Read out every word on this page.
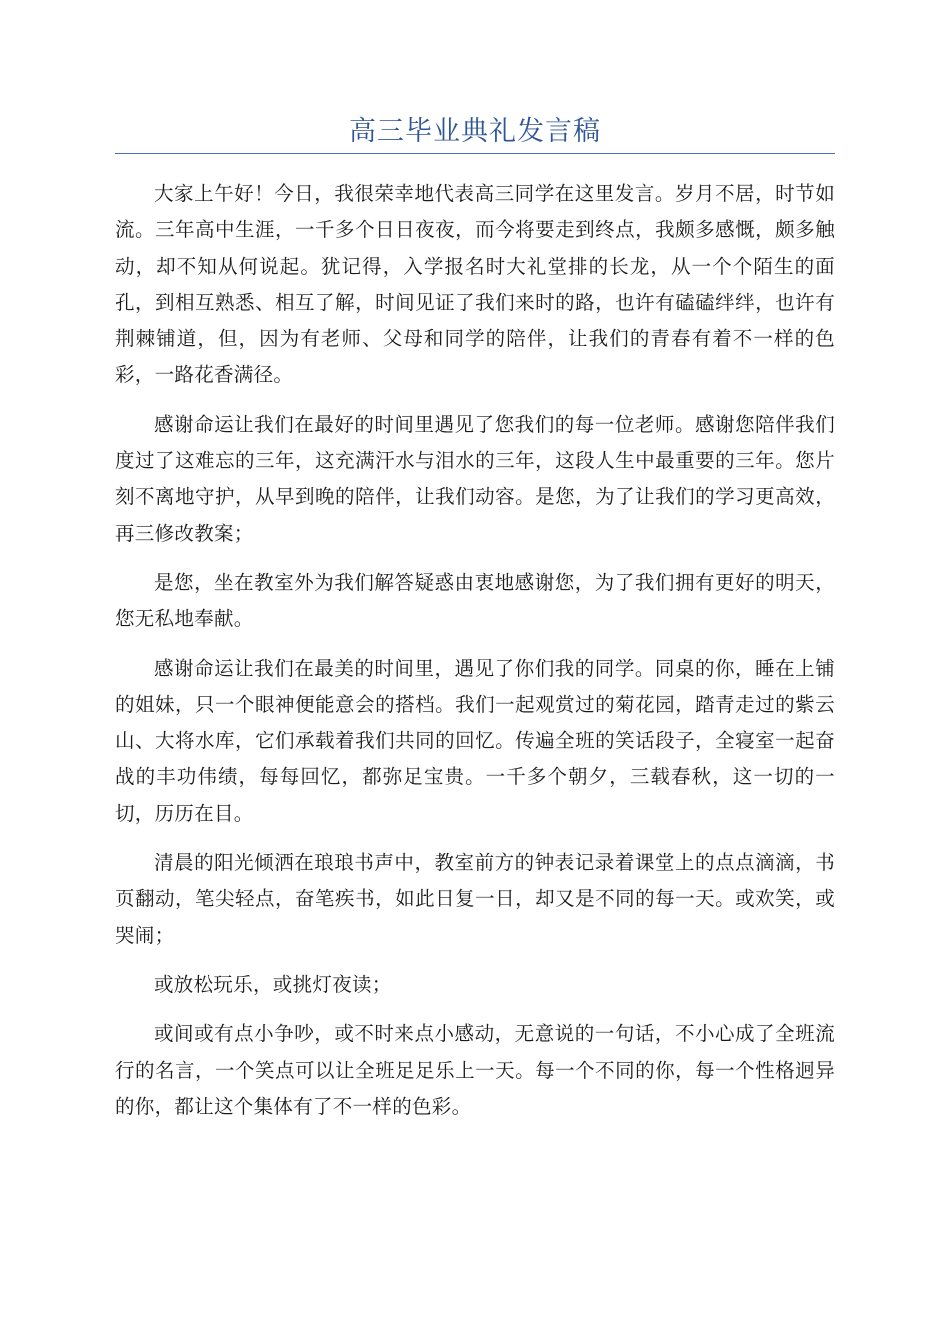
高三毕业典礼发言稿

大家上午好！今日，我很荣幸地代表高三同学在这里发言。岁月不居，时节如流。三年高中生涯，一千多个日日夜夜，而今将要走到终点，我颇多感慨，颇多触动，却不知从何说起。犹记得，入学报名时大礼堂排的长龙，从一个个陌生的面孔，到相互熟悉、相互了解，时间见证了我们来时的路，也许有磕磕绊绊，也许有荆棘铺道，但，因为有老师、父母和同学的陪伴，让我们的青春有着不一样的色彩，一路花香满径。

感谢命运让我们在最好的时间里遇见了您我们的每一位老师。感谢您陪伴我们度过了这难忘的三年，这充满汗水与泪水的三年，这段人生中最重要的三年。您片刻不离地守护，从早到晚的陪伴，让我们动容。是您，为了让我们的学习更高效，再三修改教案；

是您，坐在教室外为我们解答疑惑由衷地感谢您，为了我们拥有更好的明天，您无私地奉献。

感谢命运让我们在最美的时间里，遇见了你们我的同学。同桌的你，睡在上铺的姐妹，只一个眼神便能意会的搭档。我们一起观赏过的菊花园，踏青走过的紫云山、大将水库，它们承载着我们共同的回忆。传遍全班的笑话段子，全寝室一起奋战的丰功伟绩，每每回忆，都弥足宝贵。一千多个朝夕，三载春秋，这一切的一切，历历在目。

清晨的阳光倾洒在琅琅书声中，教室前方的钟表记录着课堂上的点点滴滴，书页翻动，笔尖轻点，奋笔疾书，如此日复一日，却又是不同的每一天。或欢笑，或哭闹；

或放松玩乐，或挑灯夜读；

或间或有点小争吵，或不时来点小感动，无意说的一句话，不小心成了全班流行的名言，一个笑点可以让全班足足乐上一天。每一个不同的你，每一个性格迥异的你，都让这个集体有了不一样的色彩。
